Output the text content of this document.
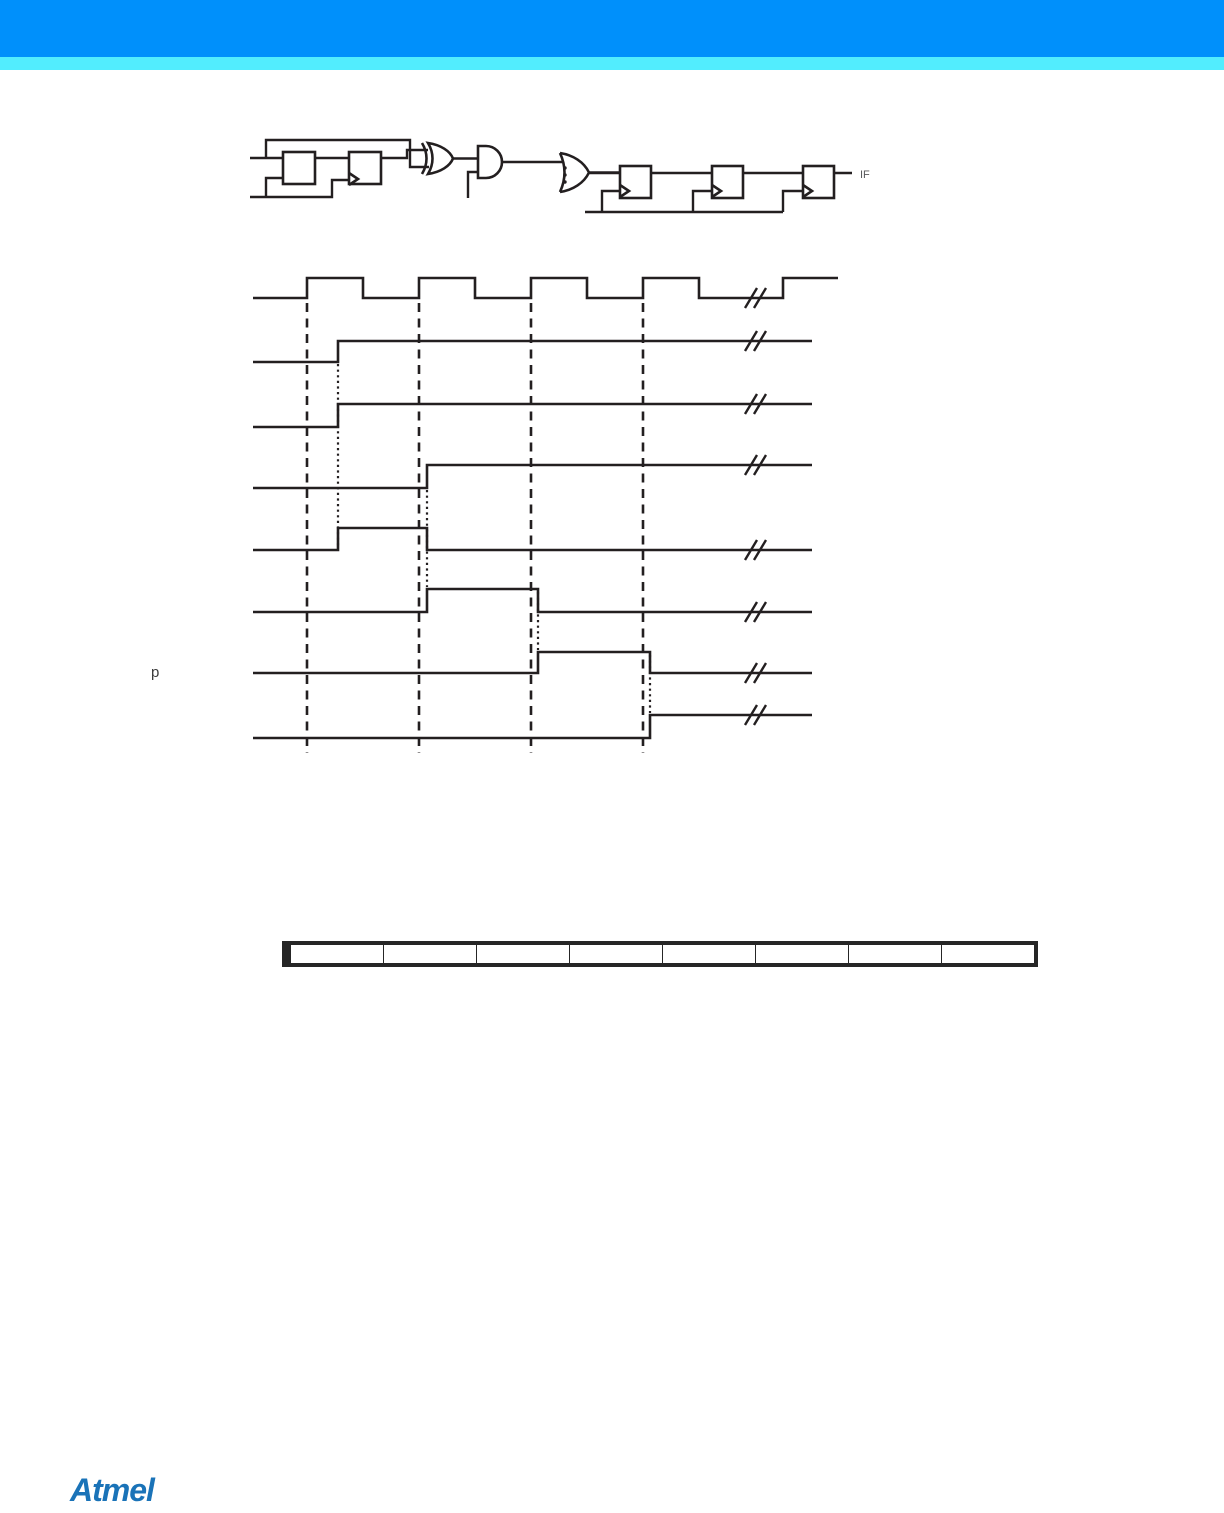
IF
p
Atmel
